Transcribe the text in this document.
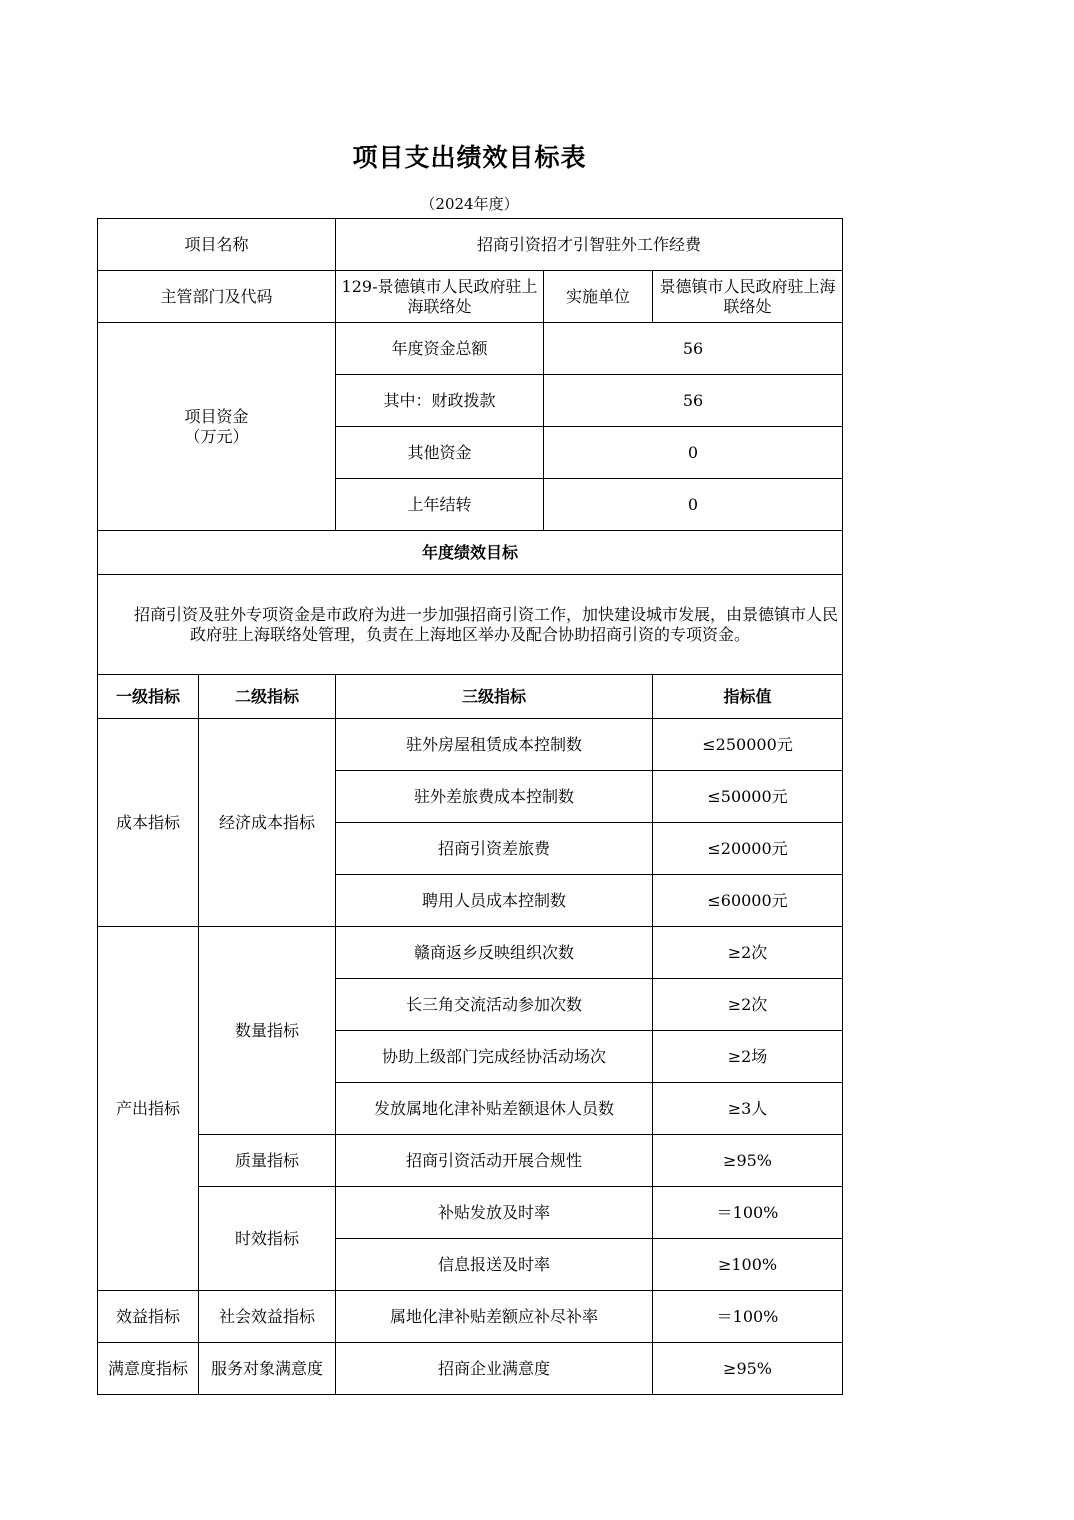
项目支出绩效目标表
（2024年度）
项目名称		招商引资招才引智驻外工作经费		
主管部门及代码		129-景德镇市人民政府驻上海联络处	实施单位	景德镇市人民政府驻上海联络处

项目资金
（万元）		年度资金总额	56	
		其中：财政拨款	56	
		其他资金	0	
		上年结转	0	
年度绩效目标				

招商引资及驻外专项资金是市政府为进一步加强招商引资工作，加快建设城市发展，由景德镇市人民政府驻上海联络处管理，负责在上海地区举办及配合协助招商引资的专项资金。				

一级指标	二级指标	三级指标		指标值
成本指标	经济成本指标	驻外房屋租赁成本控制数		≤250000元
		驻外差旅费成本控制数		≤50000元
		招商引资差旅费		≤20000元
		聘用人员成本控制数		≤60000元
产出指标	数量指标	赣商返乡反映组织次数		≥2次
		长三角交流活动参加次数		≥2次
		协助上级部门完成经协活动场次		≥2场
		发放属地化津补贴差额退休人员数		≥3人
	质量指标	招商引资活动开展合规性		≥95%
	时效指标	补贴发放及时率		＝100%
		信息报送及时率		≥100%
效益指标	社会效益指标	属地化津补贴差额应补尽补率		＝100%
满意度指标	服务对象满意度	招商企业满意度		≥95%
